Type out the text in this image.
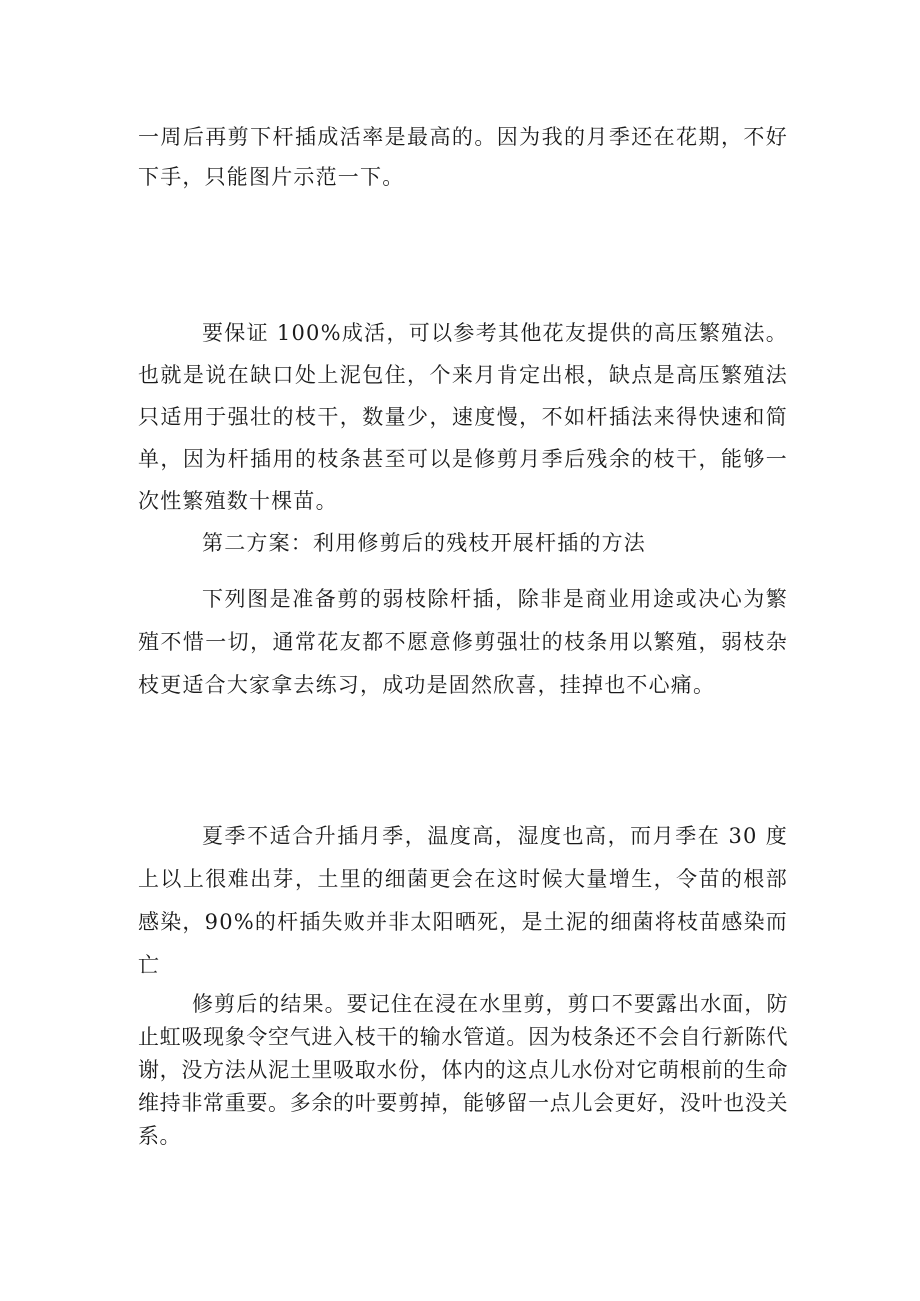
一周后再剪下杆插成活率是最高的。因为我的月季还在花期，不好下手，只能图片示范一下。

要保证 100%成活，可以参考其他花友提供的高压繁殖法。也就是说在缺口处上泥包住，个来月肯定出根，缺点是高压繁殖法只适用于强壮的枝干，数量少，速度慢，不如杆插法来得快速和简单，因为杆插用的枝条甚至可以是修剪月季后残余的枝干，能够一次性繁殖数十棵苗。

第二方案：利用修剪后的残枝开展杆插的方法

下列图是准备剪的弱枝除杆插，除非是商业用途或决心为繁殖不惜一切，通常花友都不愿意修剪强壮的枝条用以繁殖，弱枝杂枝更适合大家拿去练习，成功是固然欣喜，挂掉也不心痛。

夏季不适合升插月季，温度高，湿度也高，而月季在 30 度上以上很难出芽，土里的细菌更会在这时候大量增生，令苗的根部感染，90%的杆插失败并非太阳晒死，是土泥的细菌将枝苗感染而亡

修剪后的结果。要记住在浸在水里剪，剪口不要露出水面，防止虹吸现象令空气进入枝干的输水管道。因为枝条还不会自行新陈代谢，没方法从泥土里吸取水份，体内的这点儿水份对它萌根前的生命维持非常重要。多余的叶要剪掉，能够留一点儿会更好，没叶也没关系。
